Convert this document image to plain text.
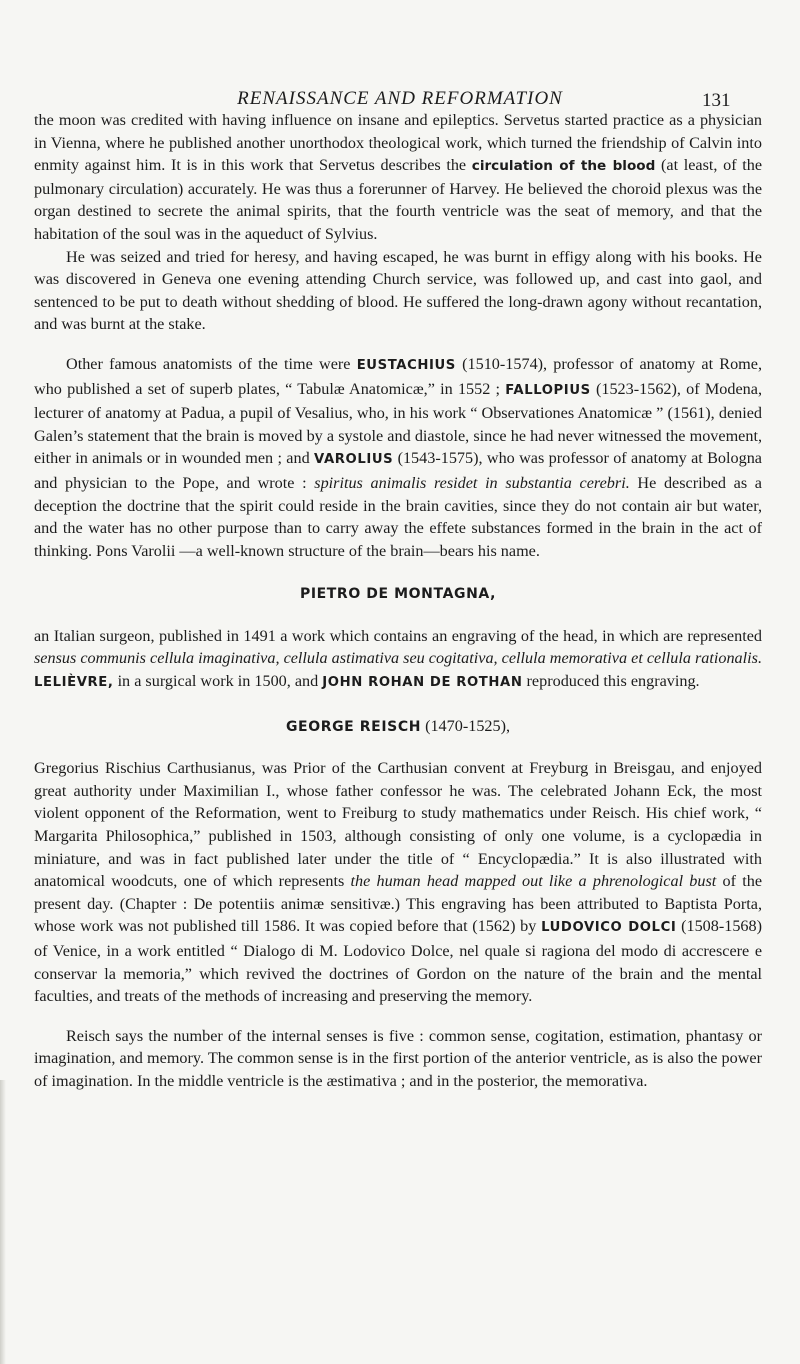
RENAISSANCE AND REFORMATION	131

the moon was credited with having influence on insane and epileptics. Servetus started practice as a physician in Vienna, where he published another unorthodox theological work, which turned the friendship of Calvin into enmity against him. It is in this work that Servetus describes the circulation of the blood (at least, of the pulmonary circulation) accurately. He was thus a forerunner of Harvey. He believed the choroid plexus was the organ destined to secrete the animal spirits, that the fourth ventricle was the seat of memory, and that the habitation of the soul was in the aqueduct of Sylvius.

He was seized and tried for heresy, and having escaped, he was burnt in effigy along with his books. He was discovered in Geneva one evening attending Church service, was followed up, and cast into gaol, and sentenced to be put to death without shedding of blood. He suffered the long-drawn agony without recantation, and was burnt at the stake.

Other famous anatomists of the time were EUSTACHIUS (1510-1574), professor of anatomy at Rome, who published a set of superb plates, “ Tabulæ Anatomicæ,” in 1552 ; FALLOPIUS (1523-1562), of Modena, lecturer of anatomy at Padua, a pupil of Vesalius, who, in his work “ Observationes Anatomicæ ” (1561), denied Galen’s statement that the brain is moved by a systole and diastole, since he had never witnessed the movement, either in animals or in wounded men ; and VAROLIUS (1543-1575), who was professor of anatomy at Bologna and physician to the Pope, and wrote : spiritus animalis residet in substantia cerebri. He described as a deception the doctrine that the spirit could reside in the brain cavities, since they do not contain air but water, and the water has no other purpose than to carry away the effete substances formed in the brain in the act of thinking. Pons Varolii —a well-known structure of the brain—bears his name.

PIETRO DE MONTAGNA,

an Italian surgeon, published in 1491 a work which contains an engraving of the head, in which are represented sensus communis cellula imaginativa, cellula astimativa seu cogitativa, cellula memorativa et cellula rationalis. LELIÈVRE, in a surgical work in 1500, and JOHN ROHAN DE ROTHAN reproduced this engraving.

GEORGE REISCH (1470-1525),

Gregorius Rischius Carthusianus, was Prior of the Carthusian convent at Freyburg in Breisgau, and enjoyed great authority under Maximilian I., whose father confessor he was. The celebrated Johann Eck, the most violent opponent of the Reformation, went to Freiburg to study mathematics under Reisch. His chief work, “ Margarita Philosophica,” published in 1503, although consisting of only one volume, is a cyclopædia in miniature, and was in fact published later under the title of “ Encyclopædia.” It is also illustrated with anatomical woodcuts, one of which represents the human head mapped out like a phrenological bust of the present day. (Chapter : De potentiis animæ sensitivæ.) This engraving has been attributed to Baptista Porta, whose work was not published till 1586. It was copied before that (1562) by LUDOVICO DOLCI (1508-1568) of Venice, in a work entitled “ Dialogo di M. Lodovico Dolce, nel quale si ragiona del modo di accrescere e conservar la memoria,” which revived the doctrines of Gordon on the nature of the brain and the mental faculties, and treats of the methods of increasing and preserving the memory.

Reisch says the number of the internal senses is five : common sense, cogitation, estimation, phantasy or imagination, and memory. The common sense is in the first portion of the anterior ventricle, as is also the power of imagination. In the middle ventricle is the æstimativa ; and in the posterior, the memorativa.
